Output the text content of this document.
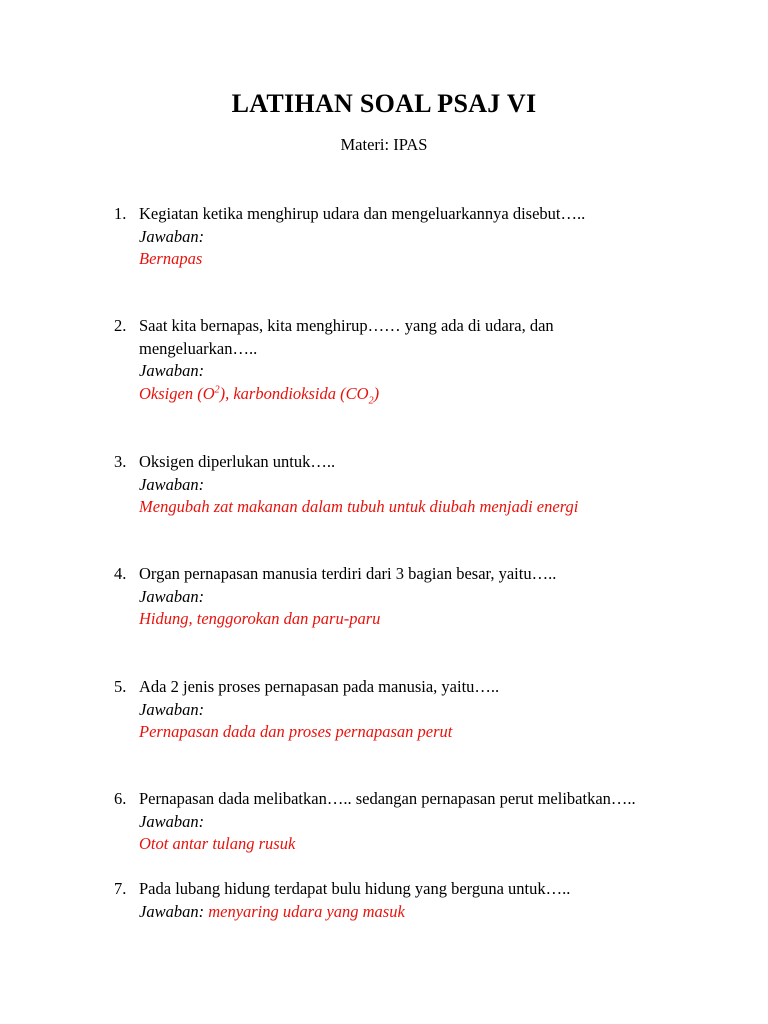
LATIHAN SOAL PSAJ VI
Materi: IPAS
1. Kegiatan ketika menghirup udara dan mengeluarkannya disebut…..
Jawaban:
Bernapas
2. Saat kita bernapas, kita menghirup…… yang ada di udara, dan mengeluarkan…..
Jawaban:
Oksigen $(O^2)$, karbondioksida $(CO_2)$
3. Oksigen diperlukan untuk…..
Jawaban:
Mengubah zat makanan dalam tubuh untuk diubah menjadi energi
4. Organ pernapasan manusia terdiri dari 3 bagian besar, yaitu…..
Jawaban:
Hidung, tenggorokan dan paru-paru
5. Ada 2 jenis proses pernapasan pada manusia, yaitu…..
Jawaban:
Pernapasan dada dan proses pernapasan perut
6. Pernapasan dada melibatkan….. sedangan pernapasan perut melibatkan…..
Jawaban:
Otot antar tulang rusuk
7. Pada lubang hidung terdapat bulu hidung yang berguna untuk…..
Jawaban: menyaring udara yang masuk
